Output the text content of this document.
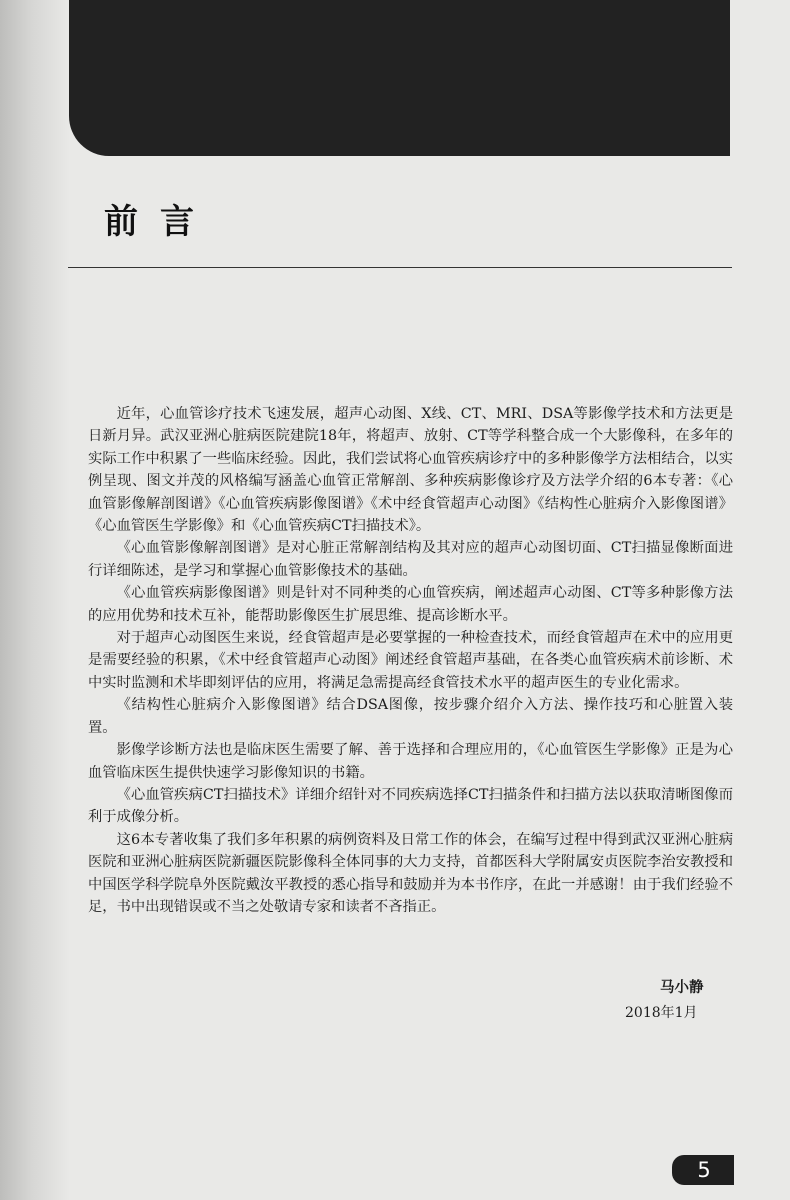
前言

近年，心血管诊疗技术飞速发展，超声心动图、X线、CT、MRI、DSA等影像学技术和方法更是日新月异。武汉亚洲心脏病医院建院18年，将超声、放射、CT等学科整合成一个大影像科，在多年的实际工作中积累了一些临床经验。因此，我们尝试将心血管疾病诊疗中的多种影像学方法相结合，以实例呈现、图文并茂的风格编写涵盖心血管正常解剖、多种疾病影像诊疗及方法学介绍的6本专著：《心血管影像解剖图谱》《心血管疾病影像图谱》《术中经食管超声心动图》《结构性心脏病介入影像图谱》《心血管医生学影像》和《心血管疾病CT扫描技术》。

《心血管影像解剖图谱》是对心脏正常解剖结构及其对应的超声心动图切面、CT扫描显像断面进行详细陈述，是学习和掌握心血管影像技术的基础。

《心血管疾病影像图谱》则是针对不同种类的心血管疾病，阐述超声心动图、CT等多种影像方法的应用优势和技术互补，能帮助影像医生扩展思维、提高诊断水平。

对于超声心动图医生来说，经食管超声是必要掌握的一种检查技术，而经食管超声在术中的应用更是需要经验的积累，《术中经食管超声心动图》阐述经食管超声基础，在各类心血管疾病术前诊断、术中实时监测和术毕即刻评估的应用，将满足急需提高经食管技术水平的超声医生的专业化需求。

《结构性心脏病介入影像图谱》结合DSA图像，按步骤介绍介入方法、操作技巧和心脏置入装置。

影像学诊断方法也是临床医生需要了解、善于选择和合理应用的，《心血管医生学影像》正是为心血管临床医生提供快速学习影像知识的书籍。

《心血管疾病CT扫描技术》详细介绍针对不同疾病选择CT扫描条件和扫描方法以获取清晰图像而利于成像分析。

这6本专著收集了我们多年积累的病例资料及日常工作的体会，在编写过程中得到武汉亚洲心脏病医院和亚洲心脏病医院新疆医院影像科全体同事的大力支持，首都医科大学附属安贞医院李治安教授和中国医学科学院阜外医院戴汝平教授的悉心指导和鼓励并为本书作序，在此一并感谢！由于我们经验不足，书中出现错误或不当之处敬请专家和读者不吝指正。

马小静
2018年1月
5
